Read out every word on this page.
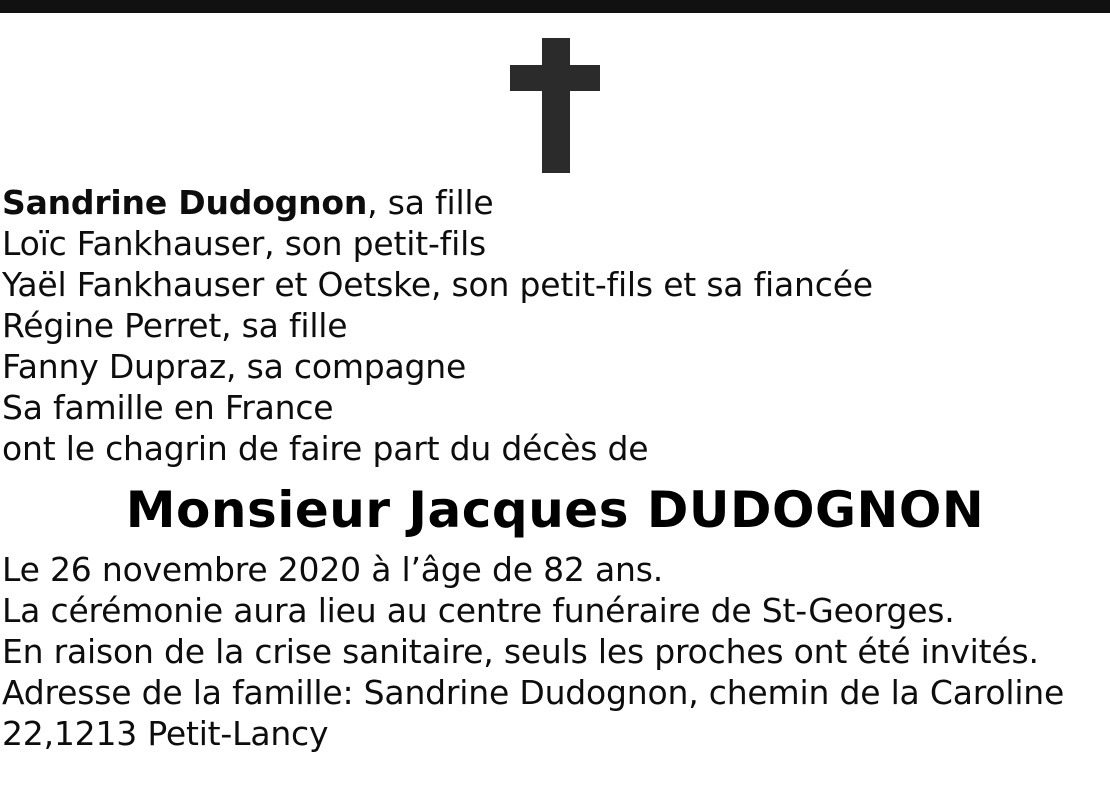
Sandrine Dudognon, sa fille
Loïc Fankhauser, son petit-fils
Yaël Fankhauser et Oetske, son petit-fils et sa fiancée
Régine Perret, sa fille
Fanny Dupraz, sa compagne
Sa famille en France
ont le chagrin de faire part du décès de
Monsieur Jacques DUDOGNON
Le 26 novembre 2020 à l’âge de 82 ans.
La cérémonie aura lieu au centre funéraire de St-Georges.
En raison de la crise sanitaire, seuls les proches ont été invités.
Adresse de la famille: Sandrine Dudognon, chemin de la Caroline 22,1213 Petit-Lancy
